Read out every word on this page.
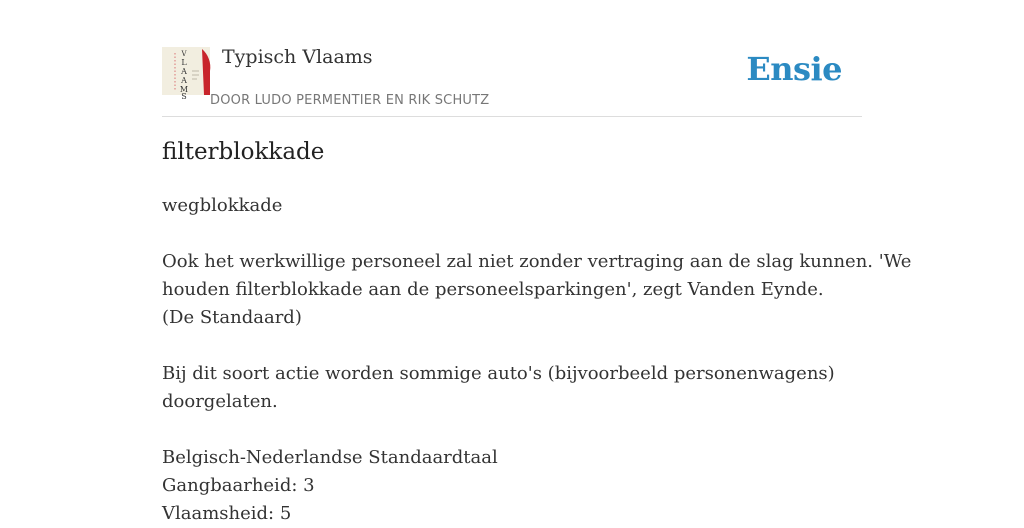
V
L
A
A
M
S
Typisch Vlaams
DOOR LUDO PERMENTIER EN RIK SCHUTZ
Ensie
filterblokkade
wegblokkade
Ook het werkwillige personeel zal niet zonder vertraging aan de slag kunnen. 'We
houden filterblokkade aan de personeelsparkingen', zegt Vanden Eynde.
(De Standaard)
Bij dit soort actie worden sommige auto's (bijvoorbeeld personenwagens)
doorgelaten.
Belgisch-Nederlandse Standaardtaal
Gangbaarheid: 3
Vlaamsheid: 5
